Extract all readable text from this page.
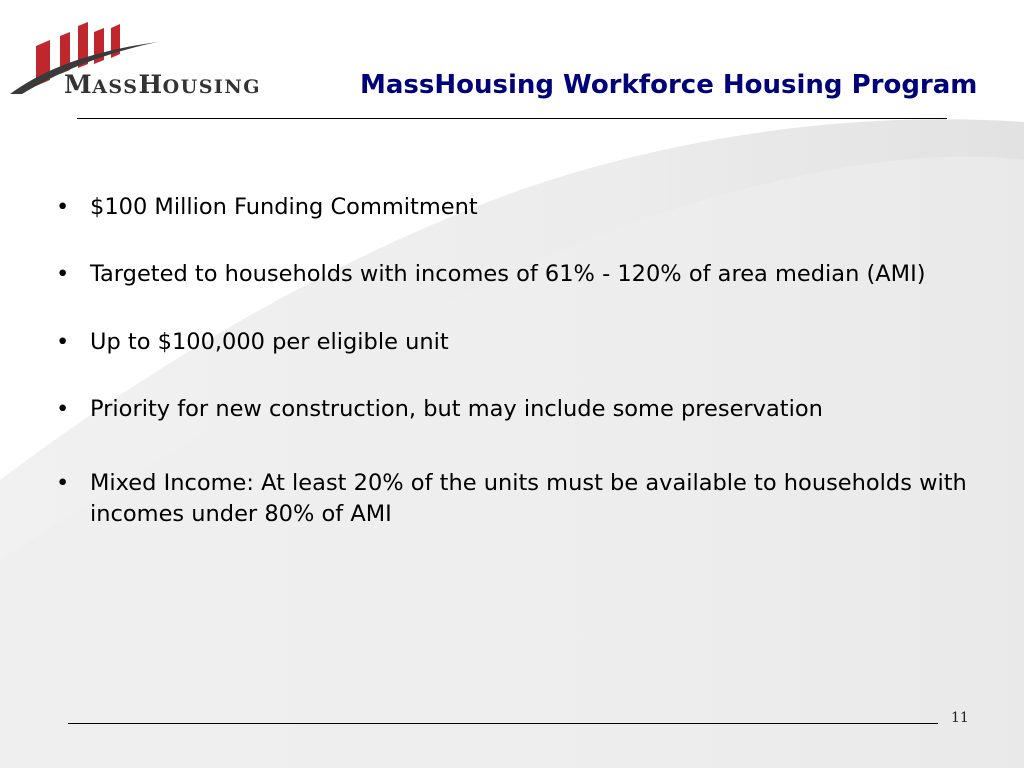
MASSHOUSING	MassHousing Workforce Housing Program
• $100 Million Funding Commitment
• Targeted to households with incomes of 61% - 120% of area median (AMI)
• Up to $100,000 per eligible unit
• Priority for new construction, but may include some preservation
• Mixed Income: At least 20% of the units must be available to households with incomes under 80% of AMI
11
